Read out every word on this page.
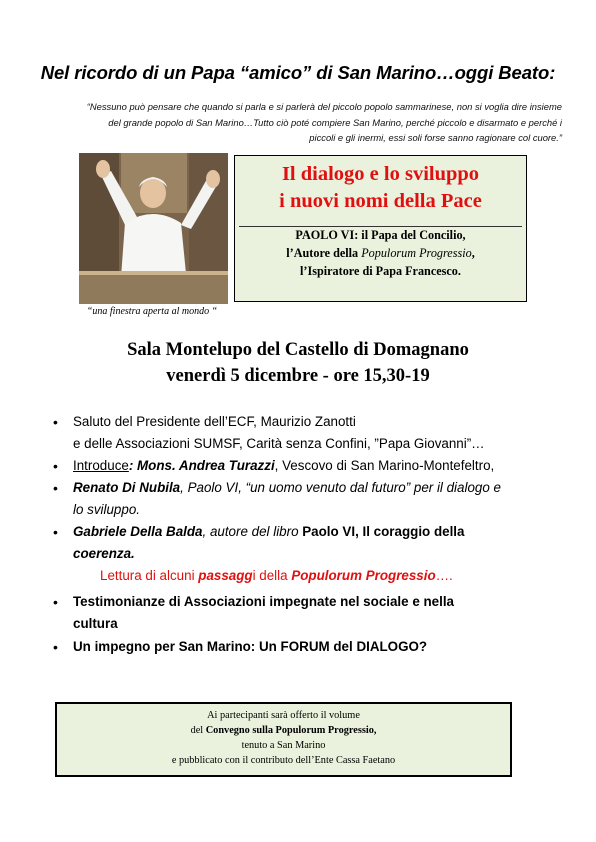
Nel ricordo di un Papa “amico” di San Marino…oggi Beato:
“Nessuno può pensare che quando si parla e si parlerà del piccolo popolo sammarinese, non si voglia dire insieme
del grande popolo di San Marino…Tutto ciò poté compiere San Marino, perché piccolo e disarmato e perché i
piccoli e gli inermi, essi soli forse sanno ragionare col cuore.”
“una finestra aperta al mondo “
Il dialogo e lo sviluppo
i nuovi nomi della Pace
PAOLO VI: il Papa del Concilio,
l’Autore della Populorum Progressio,
l’Ispiratore di Papa Francesco.
Sala Montelupo del Castello di Domagnano
venerdì 5 dicembre - ore 15,30-19
• Saluto del Presidente dell’ECF, Maurizio Zanotti
e delle Associazioni SUMSF, Carità senza Confini, ”Papa Giovanni”…
• Introduce: Mons. Andrea Turazzi, Vescovo di San Marino-Montefeltro,
• Renato Di Nubila, Paolo VI, “un uomo venuto dal futuro” per il dialogo e
lo sviluppo.
• Gabriele Della Balda, autore del libro Paolo VI, Il coraggio della
coerenza.
Lettura di alcuni passaggi della Populorum Progressio….
• Testimonianze di Associazioni impegnate nel sociale e nella
cultura
• Un impegno per San Marino: Un FORUM del DIALOGO?
Ai partecipanti sarà offerto il volume
del Convegno sulla Populorum Progressio,
tenuto a San Marino
e pubblicato con il contributo dell’Ente Cassa Faetano
